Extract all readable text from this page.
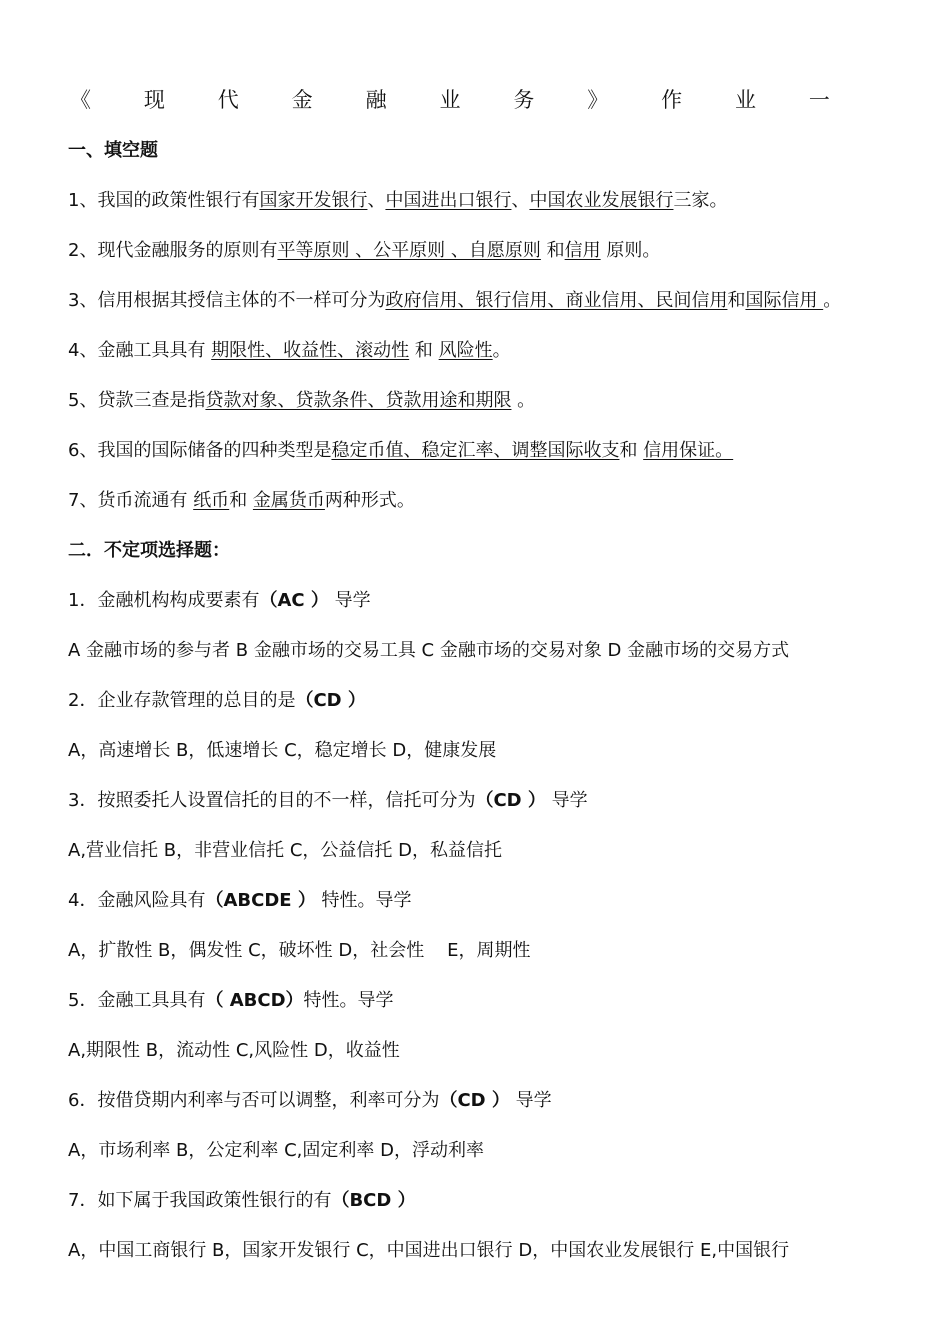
《	现	代	金	融	业	务	》	作	业	一
一、填空题
1、我国的政策性银行有国家开发银行、中国进出口银行、中国农业发展银行三家。
2、现代金融服务的原则有平等原则 、公平原则 、自愿原则 和信用 原则。
3、信用根据其授信主体的不一样可分为政府信用、银行信用、商业信用、民间信用和国际信用 。
4、金融工具具有 期限性、收益性、滚动性 和 风险性。
5、贷款三查是指贷款对象、贷款条件、贷款用途和期限 。
6、我国的国际储备的四种类型是稳定币值、稳定汇率、调整国际收支和 信用保证。
7、货币流通有 纸币和 金属货币两种形式。
二．不定项选择题：
1．金融机构构成要素有（AC ） 导学
A 金融市场的参与者 B 金融市场的交易工具 C 金融市场的交易对象 D 金融市场的交易方式
2．企业存款管理的总目的是（CD ）
A，高速增长 B，低速增长 C，稳定增长 D，健康发展
3．按照委托人设置信托的目的不一样，信托可分为（CD ） 导学
A,营业信托 B，非营业信托 C，公益信托 D，私益信托
4．金融风险具有（ABCDE ） 特性。导学
A，扩散性 B，偶发性 C，破坏性 D，社会性    E，周期性
5．金融工具具有（ ABCD）特性。导学
A,期限性 B，流动性 C,风险性 D，收益性
6．按借贷期内利率与否可以调整，利率可分为（CD ） 导学
A，市场利率 B，公定利率 C,固定利率 D，浮动利率
7．如下属于我国政策性银行的有（BCD ）
A，中国工商银行 B，国家开发银行 C，中国进出口银行 D，中国农业发展银行 E,中国银行
